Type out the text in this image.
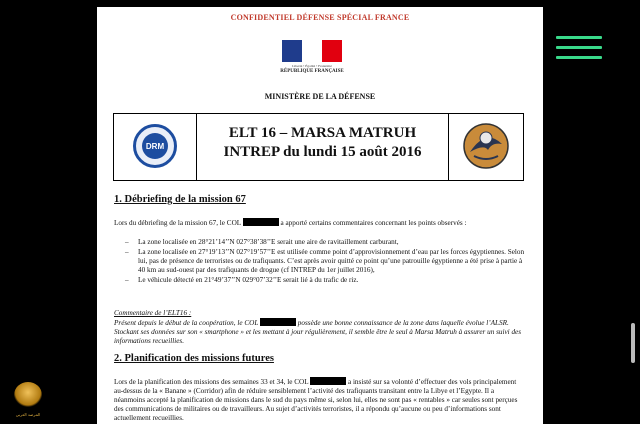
CONFIDENTIEL DÉFENSE SPÉCIAL FRANCE
Liberté • Égalité • Fraternité
RÉPUBLIQUE FRANÇAISE
MINISTÈRE DE LA DÉFENSE
DRM
ELT 16 – MARSA MATRUH
INTREP du lundi 15 août 2016
1. Débriefing de la mission 67
Lors du débriefing de la mission 67, le COL	a apporté certains commentaires concernant les points observés :
– La zone localisée en 28°21’14’’N 027°38’38’’E serait une aire de ravitaillement carburant,
– La zone localisée en 27°19’13’’N 027°19’57’’E est utilisée comme point d’approvisionnement d’eau par les forces égyptiennes. Selon lui, pas de présence de terroristes ou de trafiquants. C’est après avoir quitté ce point qu’une patrouille égyptienne a été prise à partie à 40 km au sud-ouest par des trafiquants de drogue (cf INTREP du 1er juillet 2016),
– Le véhicule détecté en 21°49’37’’N 029°07’32’’E serait lié à du trafic de riz.
Commentaire de l’ELT16 :
Présent depuis le début de la coopération, le COL	possède une bonne connaissance de la zone dans laquelle évolue l’ALSR. Stockant ses données sur son « smartphone » et les mettant à jour régulièrement, il semble être le seul à Marsa Matruh à assurer un suivi des informations recueillies.
2. Planification des missions futures
Lors de la planification des missions des semaines 33 et 34, le COL	a insisté sur sa volonté d’effectuer des vols principalement au-dessus de la « Banane » (Corridor) afin de réduire sensiblement l’activité des trafiquants transitant entre la Libye et l’Egypte. Il a néanmoins accepté la planification de missions dans le sud du pays même si, selon lui, elles ne sont pas « rentables » car seules sont perçues des communications de militaires ou de travailleurs. Au sujet d’activités terroristes, il a répondu qu’aucune ou peu d’informations sont actuellement recueillies.
المرصد العربي
